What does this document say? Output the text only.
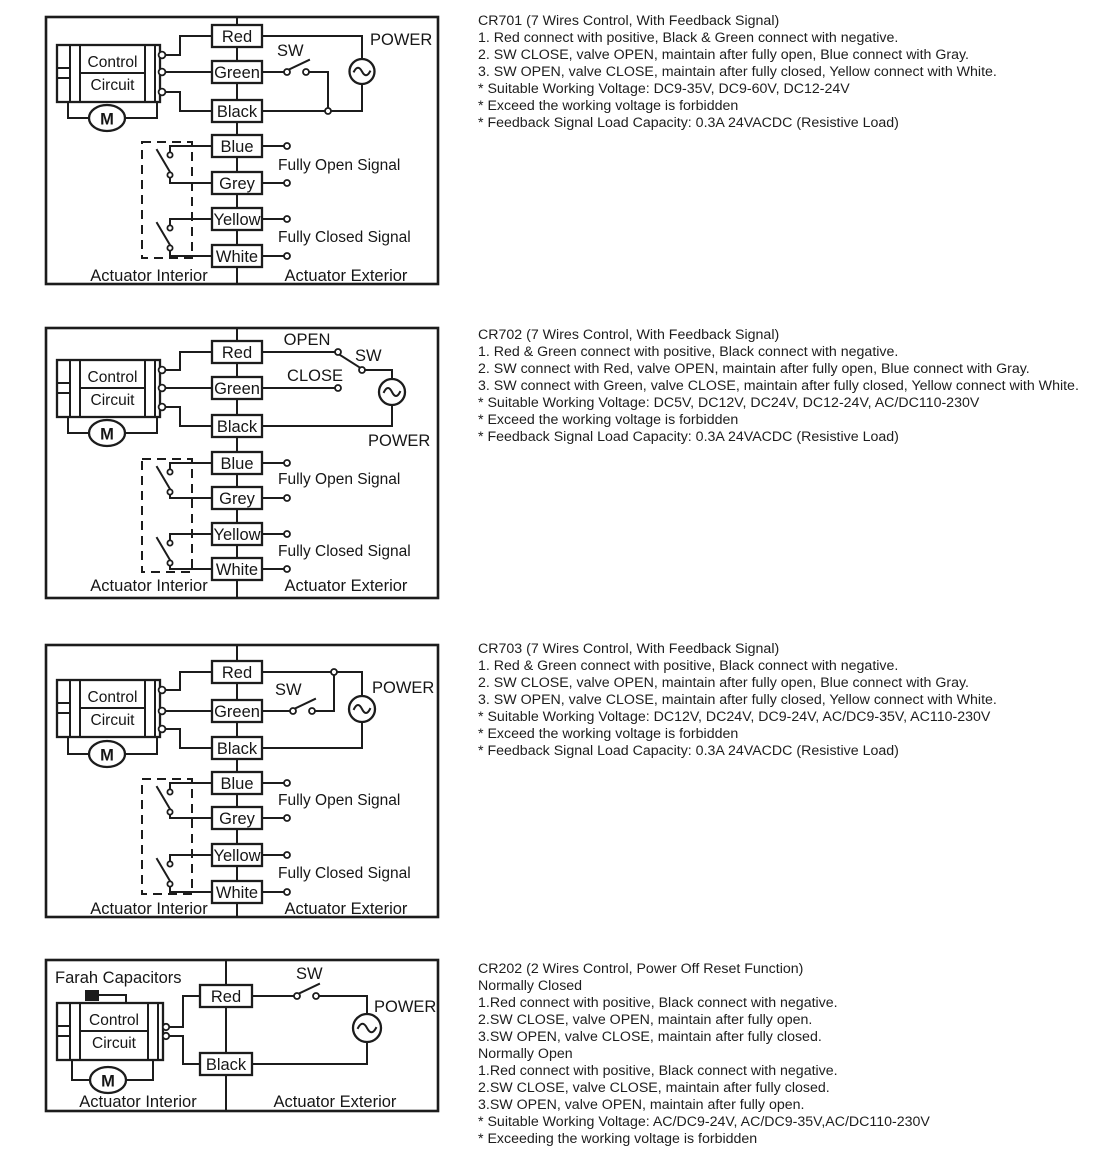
Red
Green
Black
Blue
Grey
Yellow
White
Control
Circuit
M
SW
POWER
Fully Open Signal
Fully Closed Signal
Actuator Interior	Actuator Exterior
CR701 (7 Wires Control, With Feedback Signal)
1. Red connect with positive, Black & Green connect with negative.
2. SW CLOSE, valve OPEN, maintain after fully open, Blue connect with Gray.
3. SW OPEN, valve CLOSE, maintain after fully closed, Yellow connect with White.
* Suitable Working Voltage: DC9-35V, DC9-60V, DC12-24V
* Exceed the working voltage is forbidden
* Feedback Signal Load Capacity: 0.3A 24VACDC (Resistive Load)
Red
Green
Black
Blue
Grey
Yellow
White
Control
Circuit
M
OPEN
SW
CLOSE
POWER
Fully Open Signal
Fully Closed Signal
Actuator Interior	Actuator Exterior
CR702 (7 Wires Control, With Feedback Signal)
1. Red & Green connect with positive, Black connect with negative.
2. SW connect with Red, valve OPEN, maintain after fully open, Blue connect with Gray.
3. SW connect with Green, valve CLOSE, maintain after fully closed, Yellow connect with White.
* Suitable Working Voltage: DC5V, DC12V, DC24V, DC12-24V, AC/DC110-230V
* Exceed the working voltage is forbidden
* Feedback Signal Load Capacity: 0.3A 24VACDC (Resistive Load)
Red
Green
Black
Blue
Grey
Yellow
White
Control
Circuit
M
SW	POWER
Fully Open Signal
Fully Closed Signal
Actuator Interior	Actuator Exterior
CR703 (7 Wires Control, With Feedback Signal)
1. Red & Green connect with positive, Black connect with negative.
2. SW CLOSE, valve OPEN, maintain after fully open, Blue connect with Gray.
3. SW OPEN, valve CLOSE, maintain after fully closed, Yellow connect with White.
* Suitable Working Voltage: DC12V, DC24V, DC9-24V, AC/DC9-35V, AC110-230V
* Exceed the working voltage is forbidden
* Feedback Signal Load Capacity: 0.3A 24VACDC (Resistive Load)
Red
Black
Farah Capacitors
Control
Circuit
M
SW
POWER
Actuator Interior	Actuator Exterior
CR202 (2 Wires Control, Power Off Reset Function)
Normally Closed
1.Red connect with positive, Black connect with negative.
2.SW CLOSE, valve OPEN, maintain after fully open.
3.SW OPEN, valve CLOSE, maintain after fully closed.
Normally Open
1.Red connect with positive, Black connect with negative.
2.SW CLOSE, valve CLOSE, maintain after fully closed.
3.SW OPEN, valve OPEN, maintain after fully open.
* Suitable Working Voltage: AC/DC9-24V, AC/DC9-35V,AC/DC110-230V
* Exceeding the working voltage is forbidden
